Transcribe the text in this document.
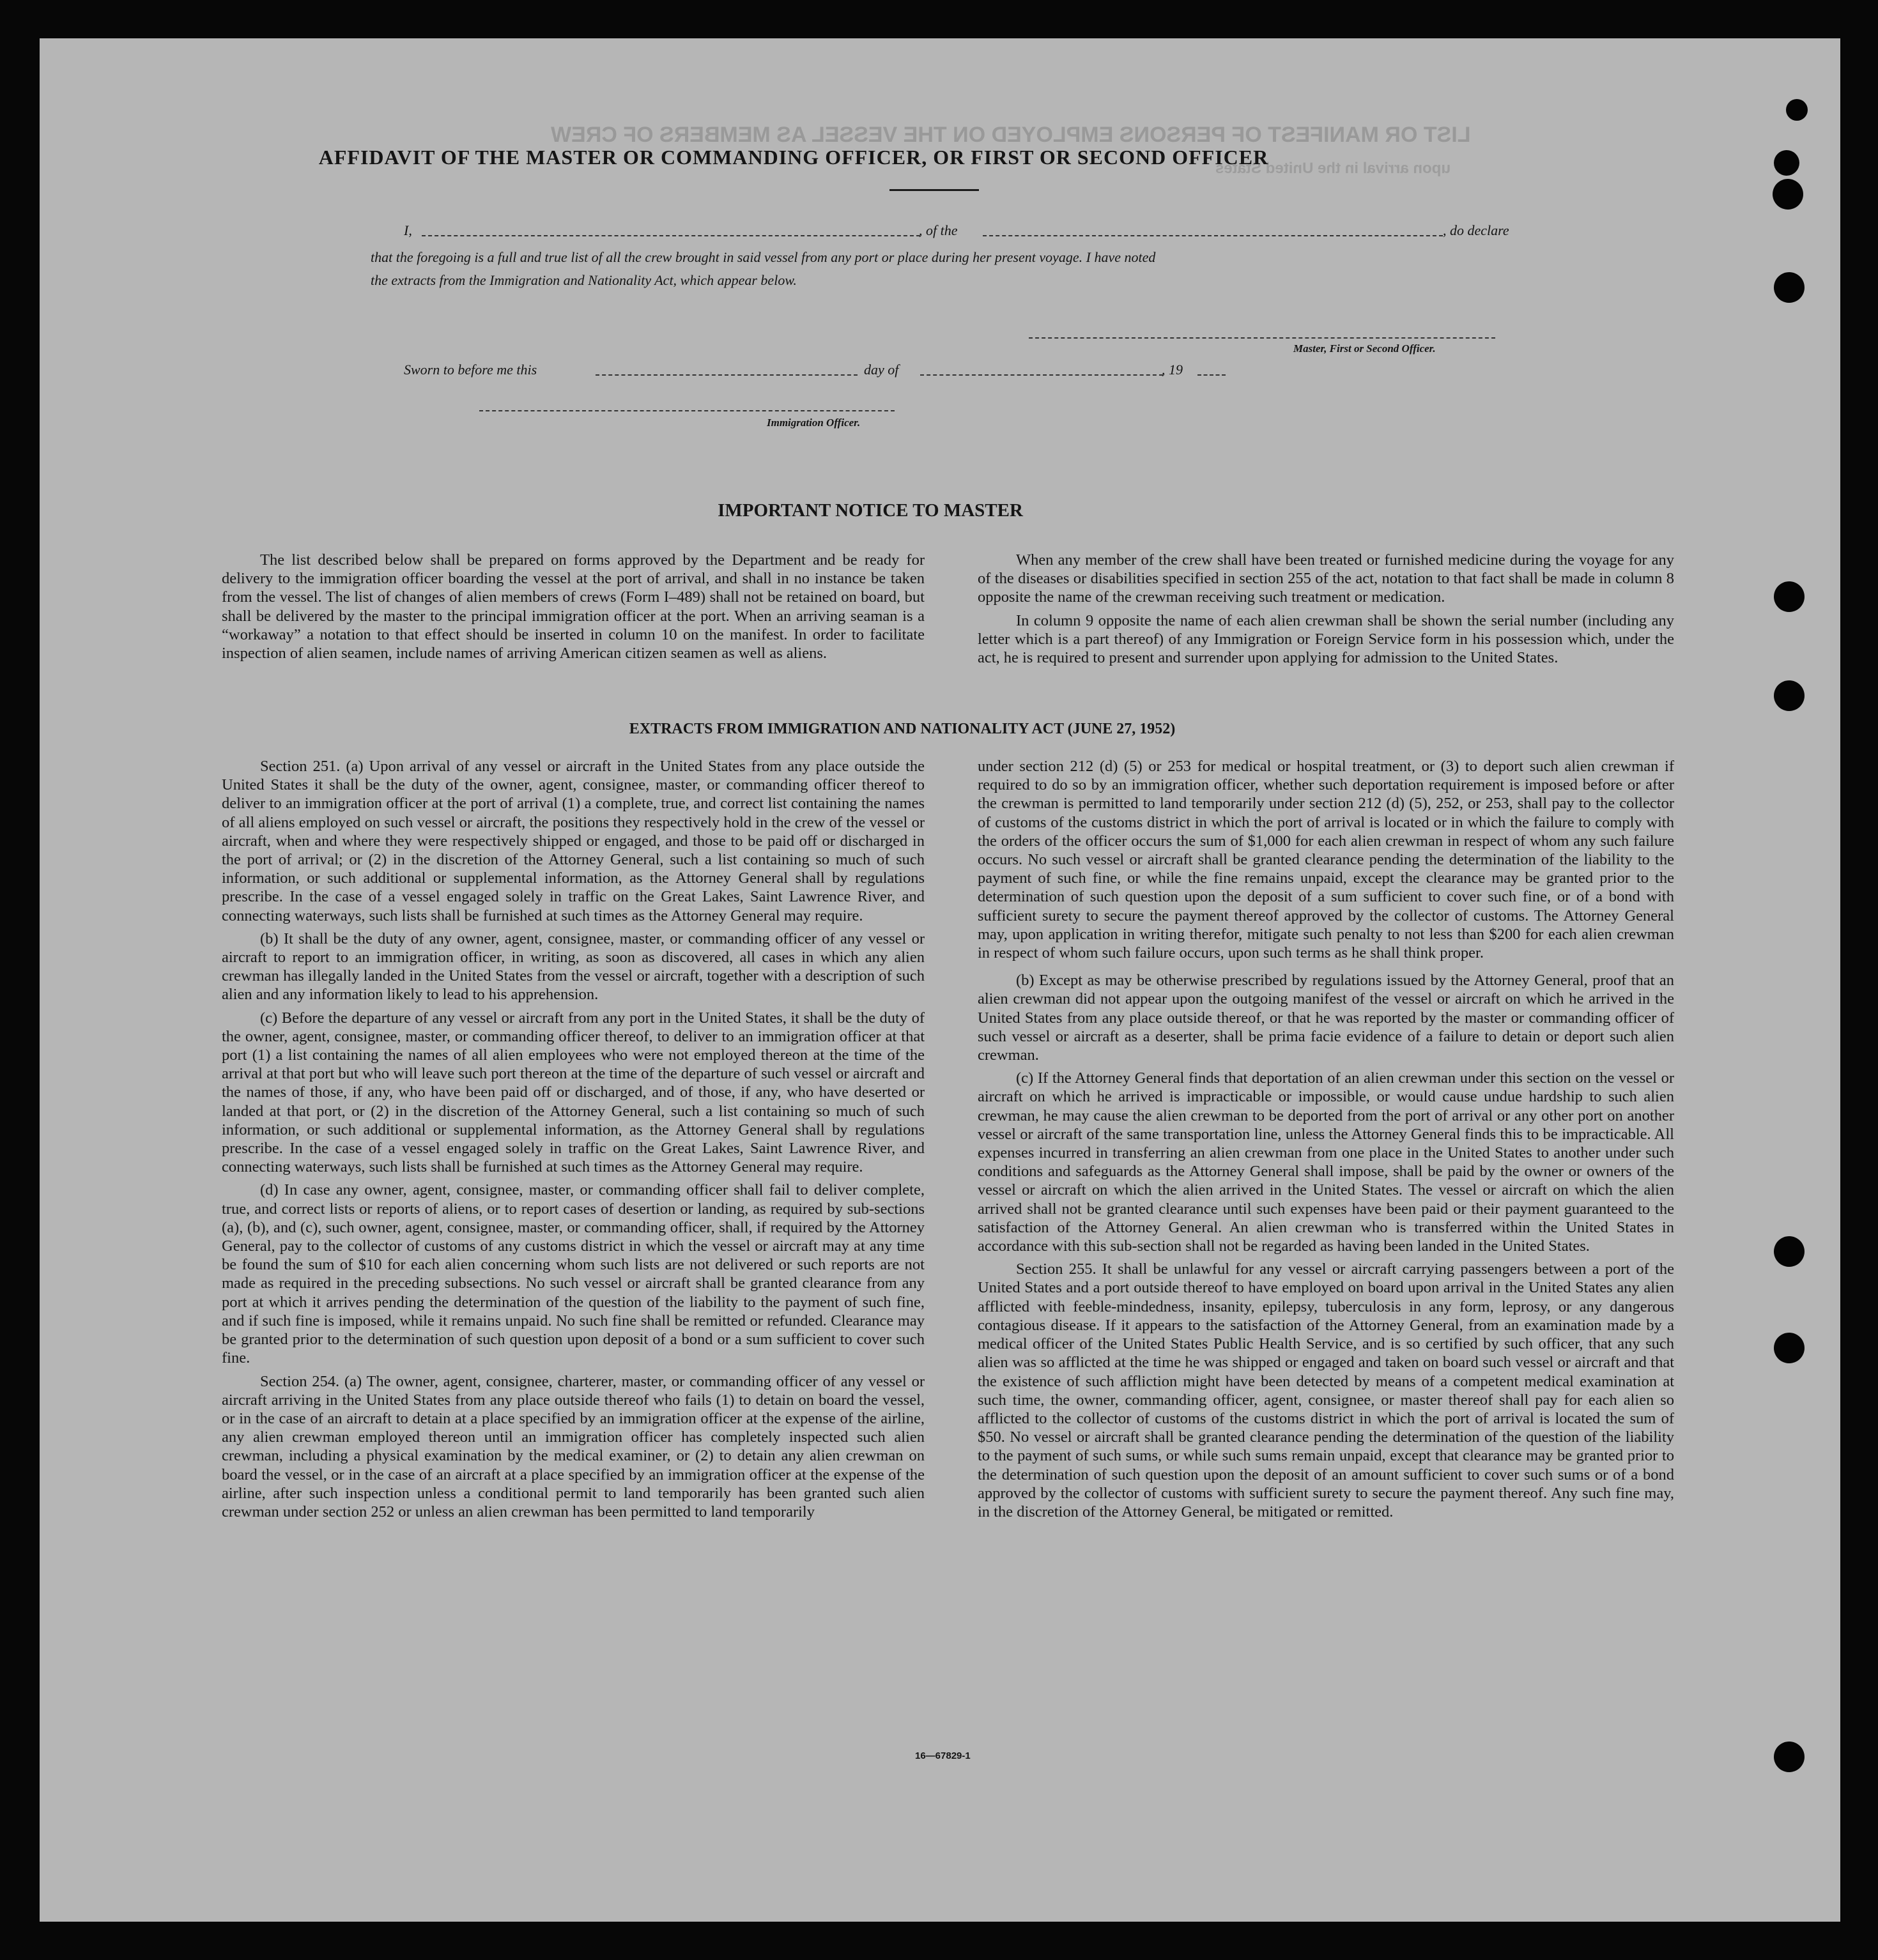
LIST OR MANIFEST OF PERSONS EMPLOYED ON THE VESSEL AS MEMBERS OF CREW
upon arrival in the United States
AFFIDAVIT OF THE MASTER OR COMMANDING OFFICER, OR FIRST OR SECOND OFFICER
I,	, of the	, do declare
that the foregoing is a full and true list of all the crew brought in said vessel from any port or place during her present voyage. I have noted
the extracts from the Immigration and Nationality Act, which appear below.
Master, First or Second Officer.
Sworn to before me this	day of	, 19
Immigration Officer.
IMPORTANT NOTICE TO MASTER

The list described below shall be prepared on forms approved by the Department and be ready for delivery to the immigration officer boarding the vessel at the port of arrival, and shall in no instance be taken from the vessel. The list of changes of alien members of crews (Form I–489) shall not be retained on board, but shall be delivered by the master to the principal immigration officer at the port. When an arriving seaman is a “workaway” a notation to that effect should be inserted in column 10 on the manifest. In order to facilitate inspection of alien seamen, include names of arriving American citizen seamen as well as aliens.

When any member of the crew shall have been treated or furnished medicine during the voyage for any of the diseases or disabilities specified in section 255 of the act, notation to that fact shall be made in column 8 opposite the name of the crewman receiving such treatment or medication.

In column 9 opposite the name of each alien crewman shall be shown the serial number (including any letter which is a part thereof) of any Immigration or Foreign Service form in his possession which, under the act, he is required to present and surrender upon applying for admission to the United States.

EXTRACTS FROM IMMIGRATION AND NATIONALITY ACT (JUNE 27, 1952)

Section 251. (a) Upon arrival of any vessel or aircraft in the United States from any place outside the United States it shall be the duty of the owner, agent, consignee, master, or commanding officer thereof to deliver to an immigration officer at the port of arrival (1) a complete, true, and correct list containing the names of all aliens employed on such vessel or aircraft, the positions they respectively hold in the crew of the vessel or aircraft, when and where they were respectively shipped or engaged, and those to be paid off or discharged in the port of arrival; or (2) in the discretion of the Attorney General, such a list containing so much of such information, or such additional or supplemental information, as the Attorney General shall by regulations prescribe. In the case of a vessel engaged solely in traffic on the Great Lakes, Saint Lawrence River, and connecting waterways, such lists shall be furnished at such times as the Attorney General may require.

(b) It shall be the duty of any owner, agent, consignee, master, or commanding officer of any vessel or aircraft to report to an immigration officer, in writing, as soon as discovered, all cases in which any alien crewman has illegally landed in the United States from the vessel or aircraft, together with a description of such alien and any information likely to lead to his apprehension.

(c) Before the departure of any vessel or aircraft from any port in the United States, it shall be the duty of the owner, agent, consignee, master, or commanding officer thereof, to deliver to an immigration officer at that port (1) a list containing the names of all alien employees who were not employed thereon at the time of the arrival at that port but who will leave such port thereon at the time of the departure of such vessel or aircraft and the names of those, if any, who have been paid off or discharged, and of those, if any, who have deserted or landed at that port, or (2) in the discretion of the Attorney General, such a list containing so much of such information, or such additional or supplemental information, as the Attorney General shall by regulations prescribe. In the case of a vessel engaged solely in traffic on the Great Lakes, Saint Lawrence River, and connecting waterways, such lists shall be furnished at such times as the Attorney General may require.

(d) In case any owner, agent, consignee, master, or commanding officer shall fail to deliver complete, true, and correct lists or reports of aliens, or to report cases of desertion or landing, as required by sub-sections (a), (b), and (c), such owner, agent, consignee, master, or commanding officer, shall, if required by the Attorney General, pay to the collector of customs of any customs district in which the vessel or aircraft may at any time be found the sum of $10 for each alien concerning whom such lists are not delivered or such reports are not made as required in the preceding subsections. No such vessel or aircraft shall be granted clearance from any port at which it arrives pending the determination of the question of the liability to the payment of such fine, and if such fine is imposed, while it remains unpaid. No such fine shall be remitted or refunded. Clearance may be granted prior to the determination of such question upon deposit of a bond or a sum sufficient to cover such fine.

Section 254. (a) The owner, agent, consignee, charterer, master, or commanding officer of any vessel or aircraft arriving in the United States from any place outside thereof who fails (1) to detain on board the vessel, or in the case of an aircraft to detain at a place specified by an immigration officer at the expense of the airline, any alien crewman employed thereon until an immigration officer has completely inspected such alien crewman, including a physical examination by the medical examiner, or (2) to detain any alien crewman on board the vessel, or in the case of an aircraft at a place specified by an immigration officer at the expense of the airline, after such inspection unless a conditional permit to land temporarily has been granted such alien crewman under section 252 or unless an alien crewman has been permitted to land temporarily

under section 212 (d) (5) or 253 for medical or hospital treatment, or (3) to deport such alien crewman if required to do so by an immigration officer, whether such deportation requirement is imposed before or after the crewman is permitted to land temporarily under section 212 (d) (5), 252, or 253, shall pay to the collector of customs of the customs district in which the port of arrival is located or in which the failure to comply with the orders of the officer occurs the sum of $1,000 for each alien crewman in respect of whom any such failure occurs. No such vessel or aircraft shall be granted clearance pending the determination of the liability to the payment of such fine, or while the fine remains unpaid, except the clearance may be granted prior to the determination of such question upon the deposit of a sum sufficient to cover such fine, or of a bond with sufficient surety to secure the payment thereof approved by the collector of customs. The Attorney General may, upon application in writing therefor, mitigate such penalty to not less than $200 for each alien crewman in respect of whom such failure occurs, upon such terms as he shall think proper.

(b) Except as may be otherwise prescribed by regulations issued by the Attorney General, proof that an alien crewman did not appear upon the outgoing manifest of the vessel or aircraft on which he arrived in the United States from any place outside thereof, or that he was reported by the master or commanding officer of such vessel or aircraft as a deserter, shall be prima facie evidence of a failure to detain or deport such alien crewman.

(c) If the Attorney General finds that deportation of an alien crewman under this section on the vessel or aircraft on which he arrived is impracticable or impossible, or would cause undue hardship to such alien crewman, he may cause the alien crewman to be deported from the port of arrival or any other port on another vessel or aircraft of the same transportation line, unless the Attorney General finds this to be impracticable. All expenses incurred in transferring an alien crewman from one place in the United States to another under such conditions and safeguards as the Attorney General shall impose, shall be paid by the owner or owners of the vessel or aircraft on which the alien arrived in the United States. The vessel or aircraft on which the alien arrived shall not be granted clearance until such expenses have been paid or their payment guaranteed to the satisfaction of the Attorney General. An alien crewman who is transferred within the United States in accordance with this sub-section shall not be regarded as having been landed in the United States.

Section 255. It shall be unlawful for any vessel or aircraft carrying passengers between a port of the United States and a port outside thereof to have employed on board upon arrival in the United States any alien afflicted with feeble-mindedness, insanity, epilepsy, tuberculosis in any form, leprosy, or any dangerous contagious disease. If it appears to the satisfaction of the Attorney General, from an examination made by a medical officer of the United States Public Health Service, and is so certified by such officer, that any such alien was so afflicted at the time he was shipped or engaged and taken on board such vessel or aircraft and that the existence of such affliction might have been detected by means of a competent medical examination at such time, the owner, commanding officer, agent, consignee, or master thereof shall pay for each alien so afflicted to the collector of customs of the customs district in which the port of arrival is located the sum of $50. No vessel or aircraft shall be granted clearance pending the determination of the question of the liability to the payment of such sums, or while such sums remain unpaid, except that clearance may be granted prior to the determination of such question upon the deposit of an amount sufficient to cover such sums or of a bond approved by the collector of customs with sufficient surety to secure the payment thereof. Any such fine may, in the discretion of the Attorney General, be mitigated or remitted.

16—67829-1
